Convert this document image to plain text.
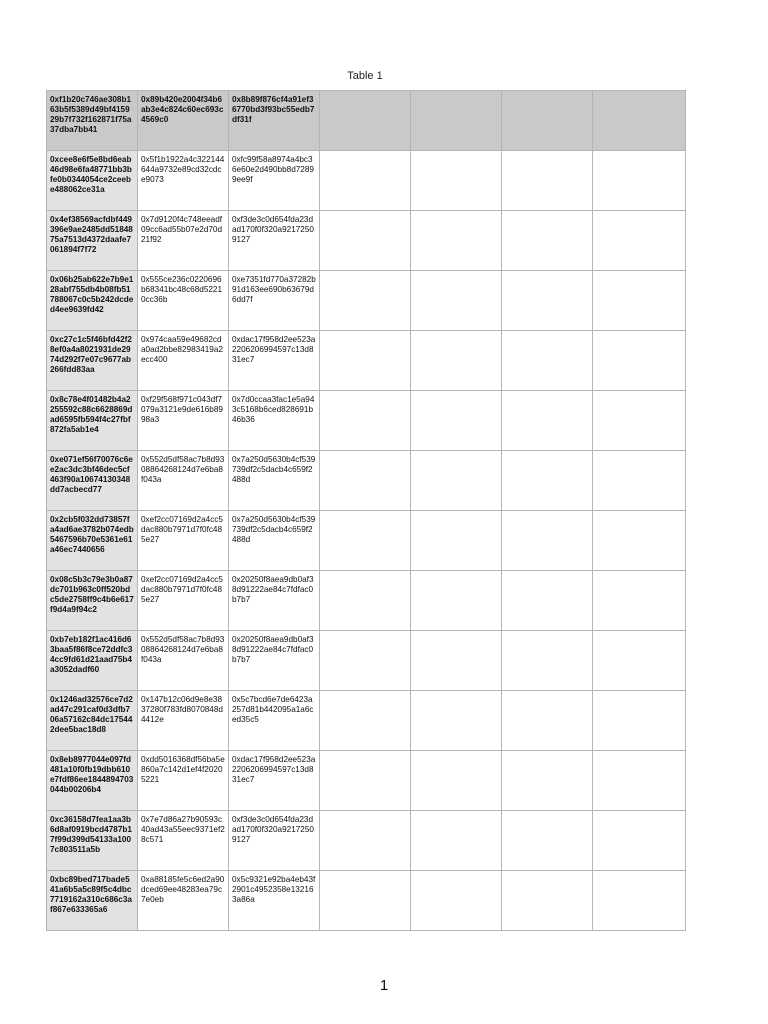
Table 1
0xf1b20c746ae308b163b5f5389d49bf415929b7f732f162871f75a37dba7bb41	0x89b420e2004f34b6ab3e4c824c60ec693c4569c0	0x8b89f876cf4a91ef36770bd3f93bc55edb7df31f				
0xcee8e6f5e8bd6eab46d98e6fa48771bb3bfe0b0344054ce2ceebe488062ce31a	0x5f1b1922a4c322144644a9732e89cd32cdce9073	0xfc99f58a8974a4bc36e60e2d490bb8d72899ee9f				
0x4ef38569acfdbf449396e9ae2485dd5184875a7513d4372daafe7061894f7f72	0x7d9120f4c748eeadf09cc6ad55b07e2d70d21f92	0xf3de3c0d654fda23dad170f0f320a92172509127				
0x06b25ab622e7b9e128abf755db4b08fb51788067c0c5b242dcded4ee9639fd42	0x555ce236c0220696b68341bc48c68d52210cc36b	0xe7351fd770a37282b91d163ee690b63679d6dd7f				
0xc27c1c5f46bfd42f28ef0a4a8021931de2974d292f7e07c9677ab266fdd83aa	0x974caa59e49682cda0ad2bbe82983419a2ecc400	0xdac17f958d2ee523a2206206994597c13d831ec7				
0x8c78e4f01482b4a2255592c88c6628869dad6595fb594f4c27fbf872fa5ab1e4	0xf29f568f971c043df7079a3121e9de616b8998a3	0x7d0ccaa3fac1e5a943c5168b6ced828691b46b36				
0xe071ef56f70076c6ee2ac3dc3bf46dec5cf463f90a10674130348dd7acbecd77	0x552d5df58ac7b8d9308864268124d7e6ba8f043a	0x7a250d5630b4cf539739df2c5dacb4c659f2488d				
0x2cb5f032dd73857fa4ad6ae3782b074edb5467596b70e5361e61a46ec7440656	0xef2cc07169d2a4cc5dac880b7971d7f0fc485e27	0x7a250d5630b4cf539739df2c5dacb4c659f2488d				
0x08c5b3c79e3b0a87dc701b963c0ff520bdc5de2758ff9c4b6e617f9d4a9f94c2	0xef2cc07169d2a4cc5dac880b7971d7f0fc485e27	0x20250f8aea9db0af38d91222ae84c7fdfac0b7b7				
0xb7eb182f1ac416d63baa5f86f8ce72ddfc34cc9fd61d21aad75b4a3052dadf60	0x552d5df58ac7b8d9308864268124d7e6ba8f043a	0x20250f8aea9db0af38d91222ae84c7fdfac0b7b7				
0x1246ad32576ce7d2ad47c291caf0d3dfb706a57162c84dc175442dee5bac18d8	0x147b12c06d9e8e3837280f783fd8070848d4412e	0x5c7bcd6e7de6423a257d81b442095a1a6ced35c5				
0x8eb8977044e097fd481a10f0fb19dbb610e7fdf86ee1844894703044b00206b4	0xdd5016368df56ba5e860a7c142d1ef4f20205221	0xdac17f958d2ee523a2206206994597c13d831ec7				
0xc36158d7fea1aa3b6d8af0919bcd4787b17f99d399d54133a1007c803511a5b	0x7e7d86a27b90593c40ad43a55eec9371ef28c571	0xf3de3c0d654fda23dad170f0f320a92172509127				
0xbc89bed717bade541a6b5a5c89f5c4dbc7719162a310c686c3af867e633365a6	0xa88185fe5c6ed2a90dced69ee48283ea79c7e0eb	0x5c9321e92ba4eb43f2901c4952358e132163a86a				
1
